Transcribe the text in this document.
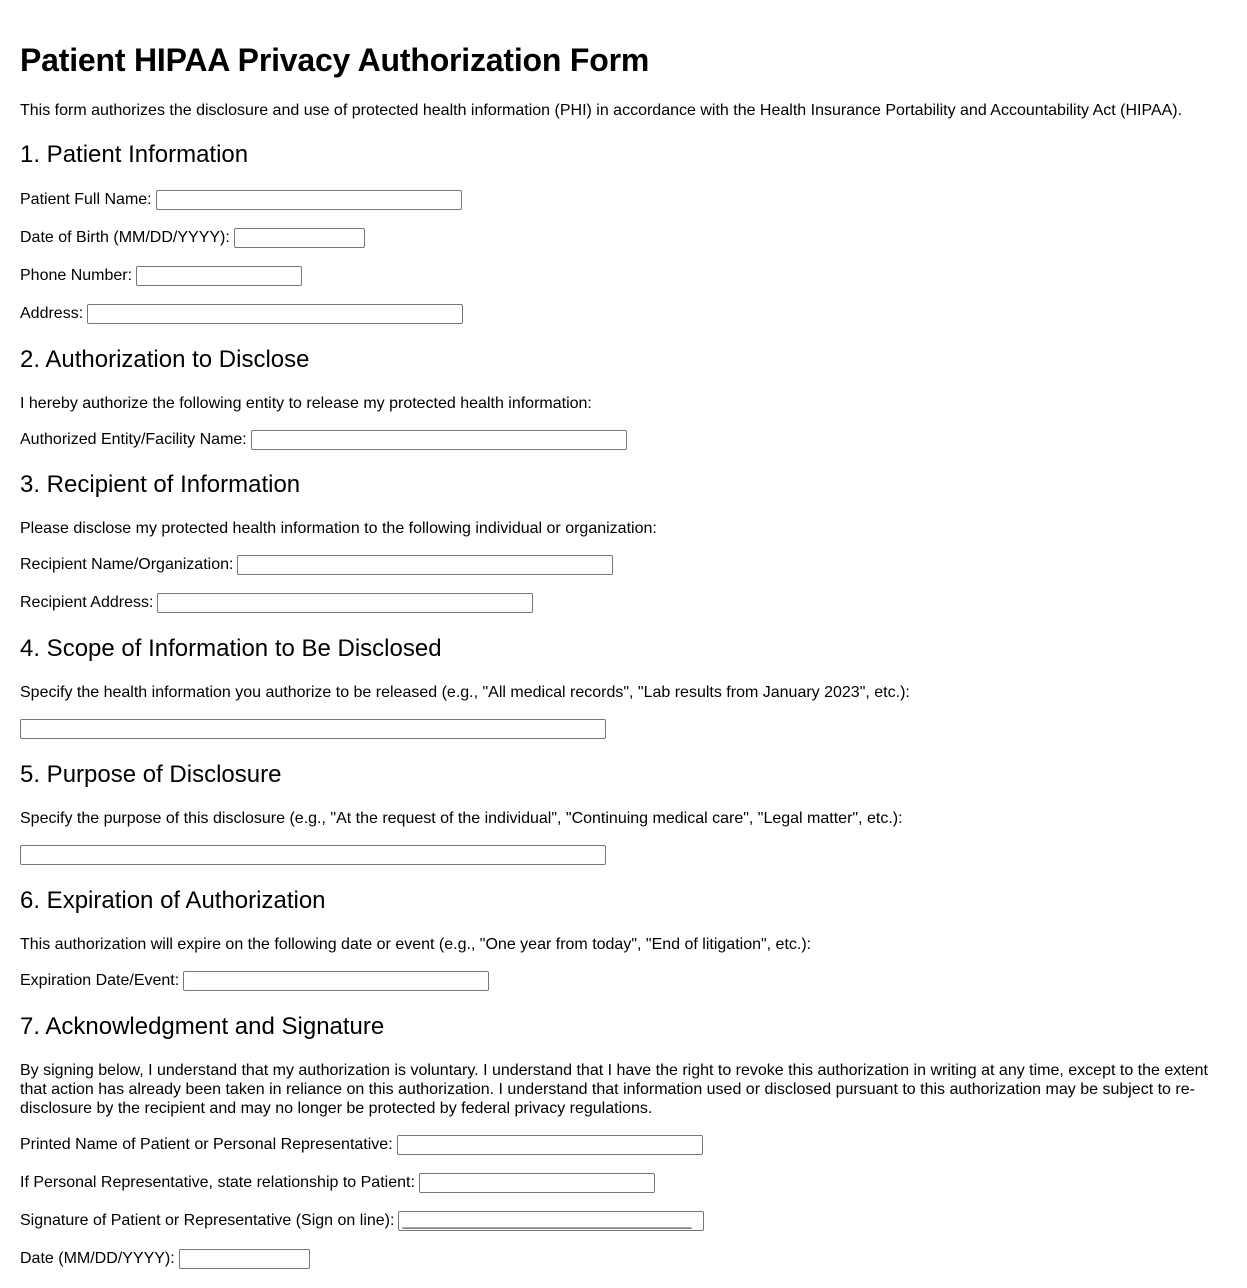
Patient HIPAA Privacy Authorization Form

This form authorizes the disclosure and use of protected health information (PHI) in accordance with the Health Insurance Portability and Accountability Act (HIPAA).

1. Patient Information
Patient Full Name:
Date of Birth (MM/DD/YYYY):
Phone Number:
Address:
2. Authorization to Disclose

I hereby authorize the following entity to release my protected health information:

Authorized Entity/Facility Name:
3. Recipient of Information

Please disclose my protected health information to the following individual or organization:

Recipient Name/Organization:
Recipient Address:
4. Scope of Information to Be Disclosed

Specify the health information you authorize to be released (e.g., "All medical records", "Lab results from January 2023", etc.):

5. Purpose of Disclosure

Specify the purpose of this disclosure (e.g., "At the request of the individual", "Continuing medical care", "Legal matter", etc.):

6. Expiration of Authorization

This authorization will expire on the following date or event (e.g., "One year from today", "End of litigation", etc.):

Expiration Date/Event:
7. Acknowledgment and Signature

By signing below, I understand that my authorization is voluntary. I understand that I have the right to revoke this authorization in writing at any time, except to the extent that action has already been taken in reliance on this authorization. I understand that information used or disclosed pursuant to this authorization may be subject to re-disclosure by the recipient and may no longer be protected by federal privacy regulations.

Printed Name of Patient or Personal Representative:
If Personal Representative, state relationship to Patient:
Signature of Patient or Representative (Sign on line):
________________________________________
Date (MM/DD/YYYY):
